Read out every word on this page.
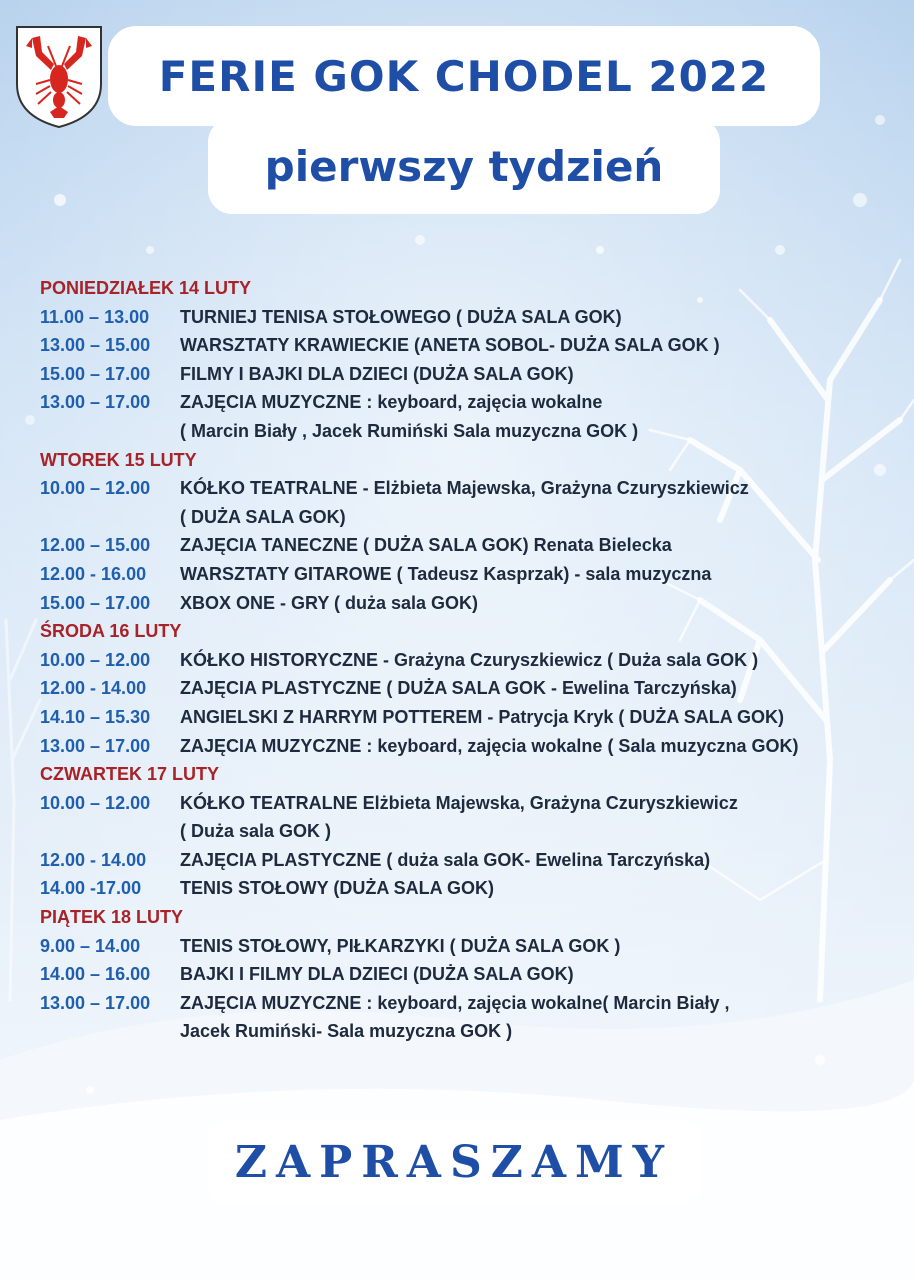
FERIE GOK CHODEL 2022
pierwszy tydzień
PONIEDZIAŁEK 14 LUTY
11.00 – 13.00	TURNIEJ TENISA STOŁOWEGO ( DUŻA SALA GOK)
13.00 – 15.00	WARSZTATY KRAWIECKIE (ANETA SOBOL- DUŻA SALA GOK )
15.00 – 17.00	FILMY I BAJKI DLA DZIECI (DUŻA SALA GOK)
13.00 – 17.00	ZAJĘCIA MUZYCZNE : keyboard, zajęcia wokalne
( Marcin Biały , Jacek Rumiński Sala muzyczna GOK )
WTOREK 15 LUTY
10.00 – 12.00	KÓŁKO TEATRALNE - Elżbieta Majewska, Grażyna Czuryszkiewicz
( DUŻA SALA GOK)
12.00 – 15.00	ZAJĘCIA TANECZNE ( DUŻA SALA GOK) Renata Bielecka
12.00 - 16.00	WARSZTATY GITAROWE ( Tadeusz Kasprzak) - sala muzyczna
15.00 – 17.00	XBOX ONE - GRY ( duża sala GOK)
ŚRODA 16 LUTY
10.00 – 12.00	KÓŁKO HISTORYCZNE - Grażyna Czuryszkiewicz ( Duża sala GOK )
12.00 - 14.00	ZAJĘCIA PLASTYCZNE ( DUŻA SALA GOK - Ewelina Tarczyńska)
14.10 – 15.30	ANGIELSKI Z HARRYM POTTEREM - Patrycja Kryk ( DUŻA SALA GOK)
13.00 – 17.00	ZAJĘCIA MUZYCZNE : keyboard, zajęcia wokalne ( Sala muzyczna GOK)
CZWARTEK 17 LUTY
10.00 – 12.00	KÓŁKO TEATRALNE Elżbieta Majewska, Grażyna Czuryszkiewicz
( Duża sala GOK )
12.00 - 14.00	ZAJĘCIA PLASTYCZNE ( duża sala GOK- Ewelina Tarczyńska)
14.00 -17.00	TENIS STOŁOWY (DUŻA SALA GOK)
PIĄTEK 18 LUTY
9.00 – 14.00	TENIS STOŁOWY, PIŁKARZYKI ( DUŻA SALA GOK )
14.00 – 16.00	BAJKI I FILMY DLA DZIECI (DUŻA SALA GOK)
13.00 – 17.00	ZAJĘCIA MUZYCZNE : keyboard, zajęcia wokalne( Marcin Biały ,
Jacek Rumiński- Sala muzyczna GOK )
ZAPRASZAMY
